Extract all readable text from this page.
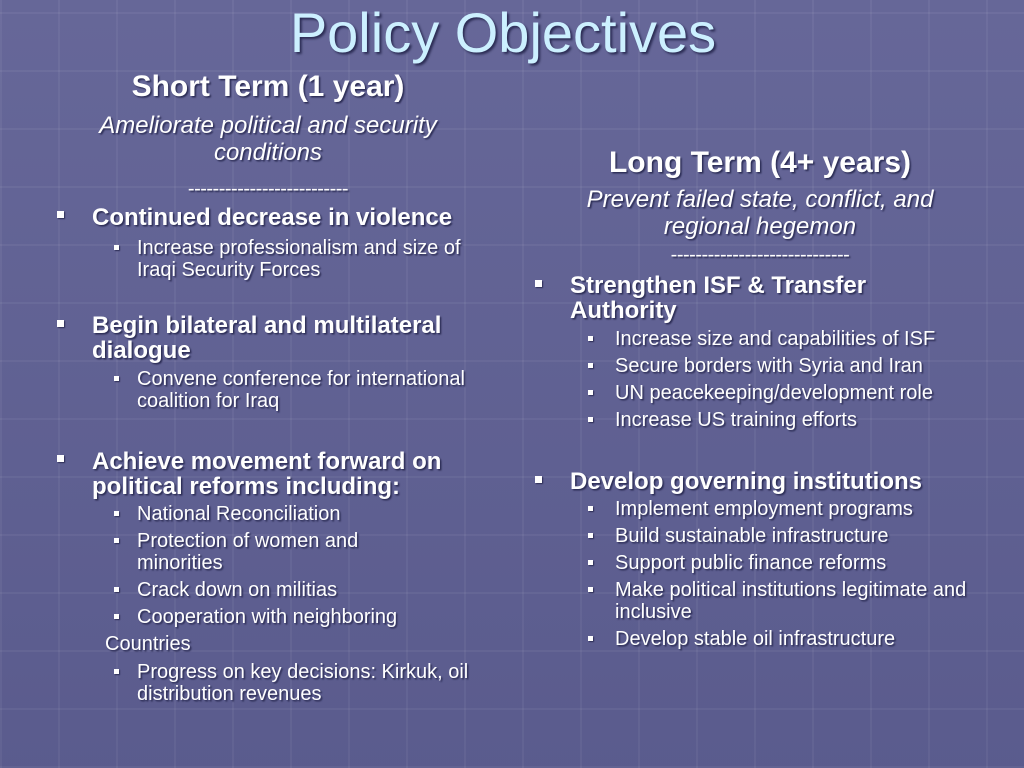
Policy Objectives
Short Term (1 year)
Ameliorate political and security conditions
--------------------------
Continued decrease in violence
Increase professionalism and size of Iraqi Security Forces
Begin bilateral and multilateral dialogue
Convene conference for international coalition for Iraq
Achieve movement forward on political reforms including:
National Reconciliation
Protection of women and minorities
Crack down on militias
Cooperation with neighboring
Countries
Progress on key decisions: Kirkuk, oil distribution revenues
Long Term (4+ years)
Prevent failed state, conflict, and regional hegemon
-----------------------------
Strengthen ISF & Transfer Authority
Increase size and capabilities of ISF
Secure borders with Syria and Iran
UN peacekeeping/development role
Increase US training efforts
Develop governing institutions
Implement employment programs
Build sustainable infrastructure
Support public finance reforms
Make political institutions legitimate and inclusive
Develop stable oil infrastructure
